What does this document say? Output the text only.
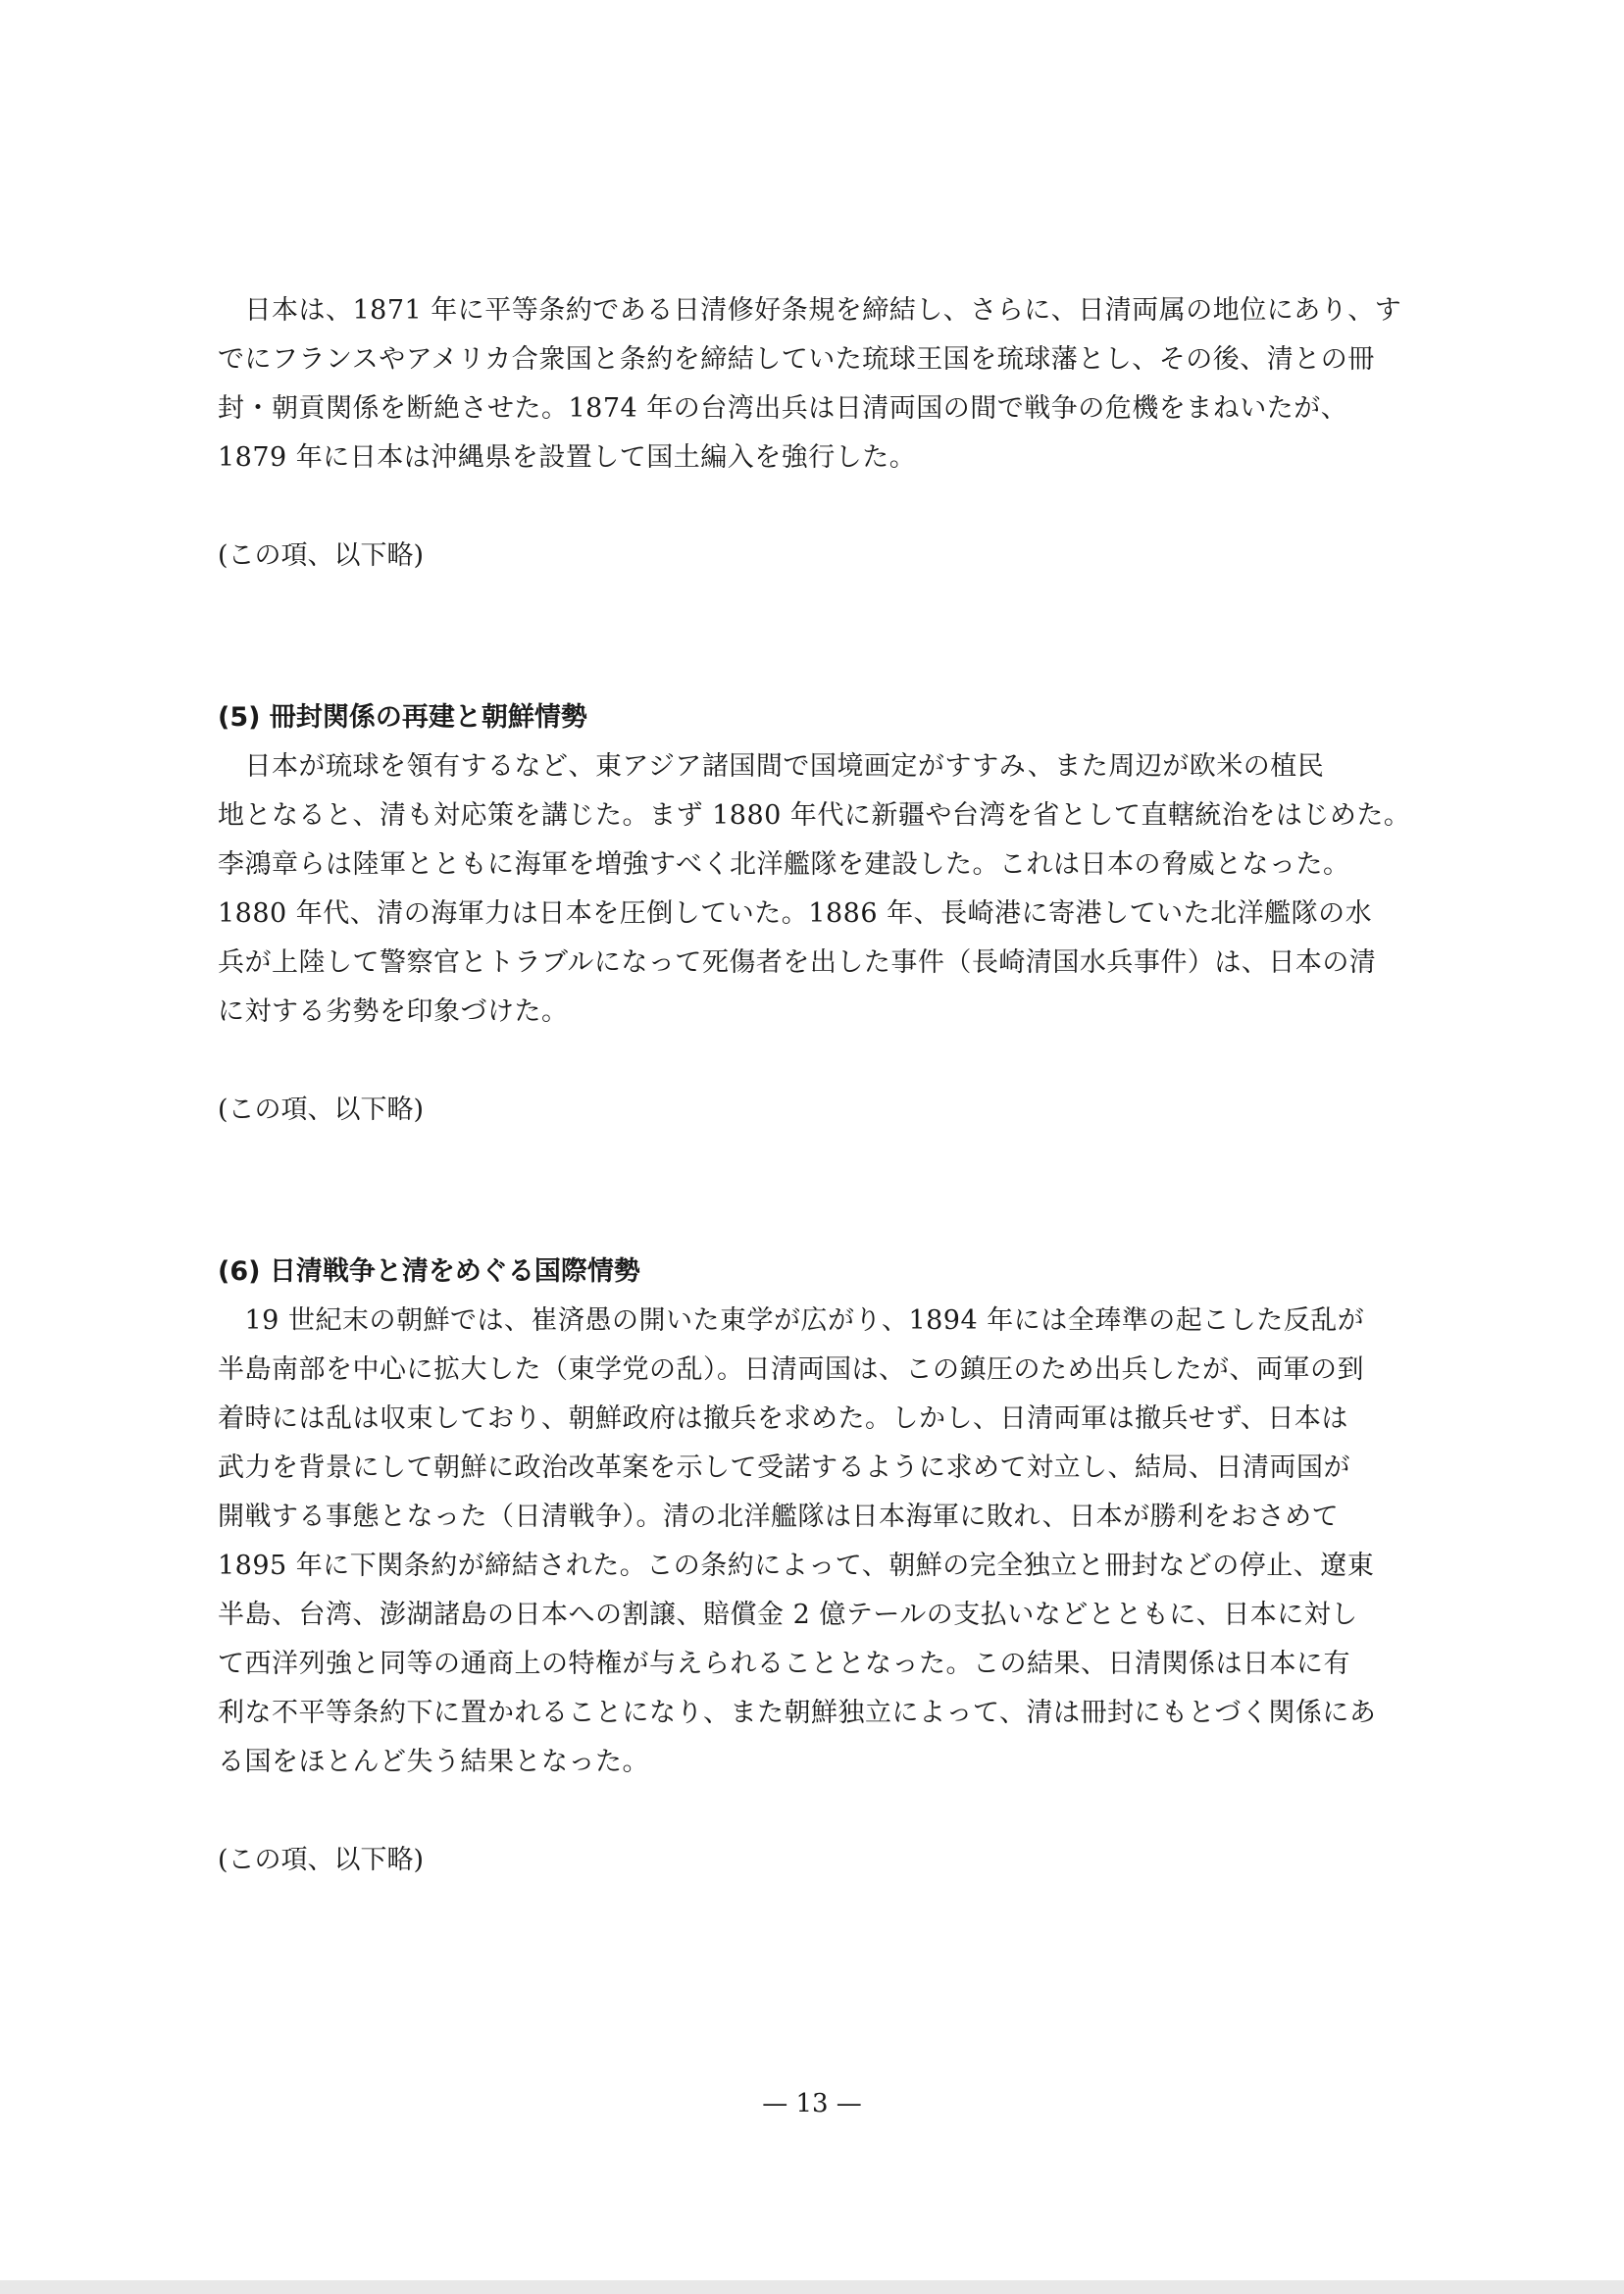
　日本は、1871 年に平等条約である日清修好条規を締結し、さらに、日清両属の地位にあり、す
でにフランスやアメリカ合衆国と条約を締結していた琉球王国を琉球藩とし、その後、清との冊
封・朝貢関係を断絶させた。1874 年の台湾出兵は日清両国の間で戦争の危機をまねいたが、
1879 年に日本は沖縄県を設置して国土編入を強行した。

(この項、以下略)

(5) 冊封関係の再建と朝鮮情勢
　日本が琉球を領有するなど、東アジア諸国間で国境画定がすすみ、また周辺が欧米の植民
地となると、清も対応策を講じた。まず 1880 年代に新疆や台湾を省として直轄統治をはじめた。
李鴻章らは陸軍とともに海軍を増強すべく北洋艦隊を建設した。これは日本の脅威となった。
1880 年代、清の海軍力は日本を圧倒していた。1886 年、長崎港に寄港していた北洋艦隊の水
兵が上陸して警察官とトラブルになって死傷者を出した事件（長崎清国水兵事件）は、日本の清
に対する劣勢を印象づけた。

(この項、以下略)

(6) 日清戦争と清をめぐる国際情勢
　19 世紀末の朝鮮では、崔済愚の開いた東学が広がり、1894 年には全琫準の起こした反乱が
半島南部を中心に拡大した（東学党の乱）。日清両国は、この鎮圧のため出兵したが、両軍の到
着時には乱は収束しており、朝鮮政府は撤兵を求めた。しかし、日清両軍は撤兵せず、日本は
武力を背景にして朝鮮に政治改革案を示して受諾するように求めて対立し、結局、日清両国が
開戦する事態となった（日清戦争）。清の北洋艦隊は日本海軍に敗れ、日本が勝利をおさめて
1895 年に下関条約が締結された。この条約によって、朝鮮の完全独立と冊封などの停止、遼東
半島、台湾、澎湖諸島の日本への割譲、賠償金 2 億テールの支払いなどとともに、日本に対し
て西洋列強と同等の通商上の特権が与えられることとなった。この結果、日清関係は日本に有
利な不平等条約下に置かれることになり、また朝鮮独立によって、清は冊封にもとづく関係にあ
る国をほとんど失う結果となった。

(この項、以下略)

— 13 —
